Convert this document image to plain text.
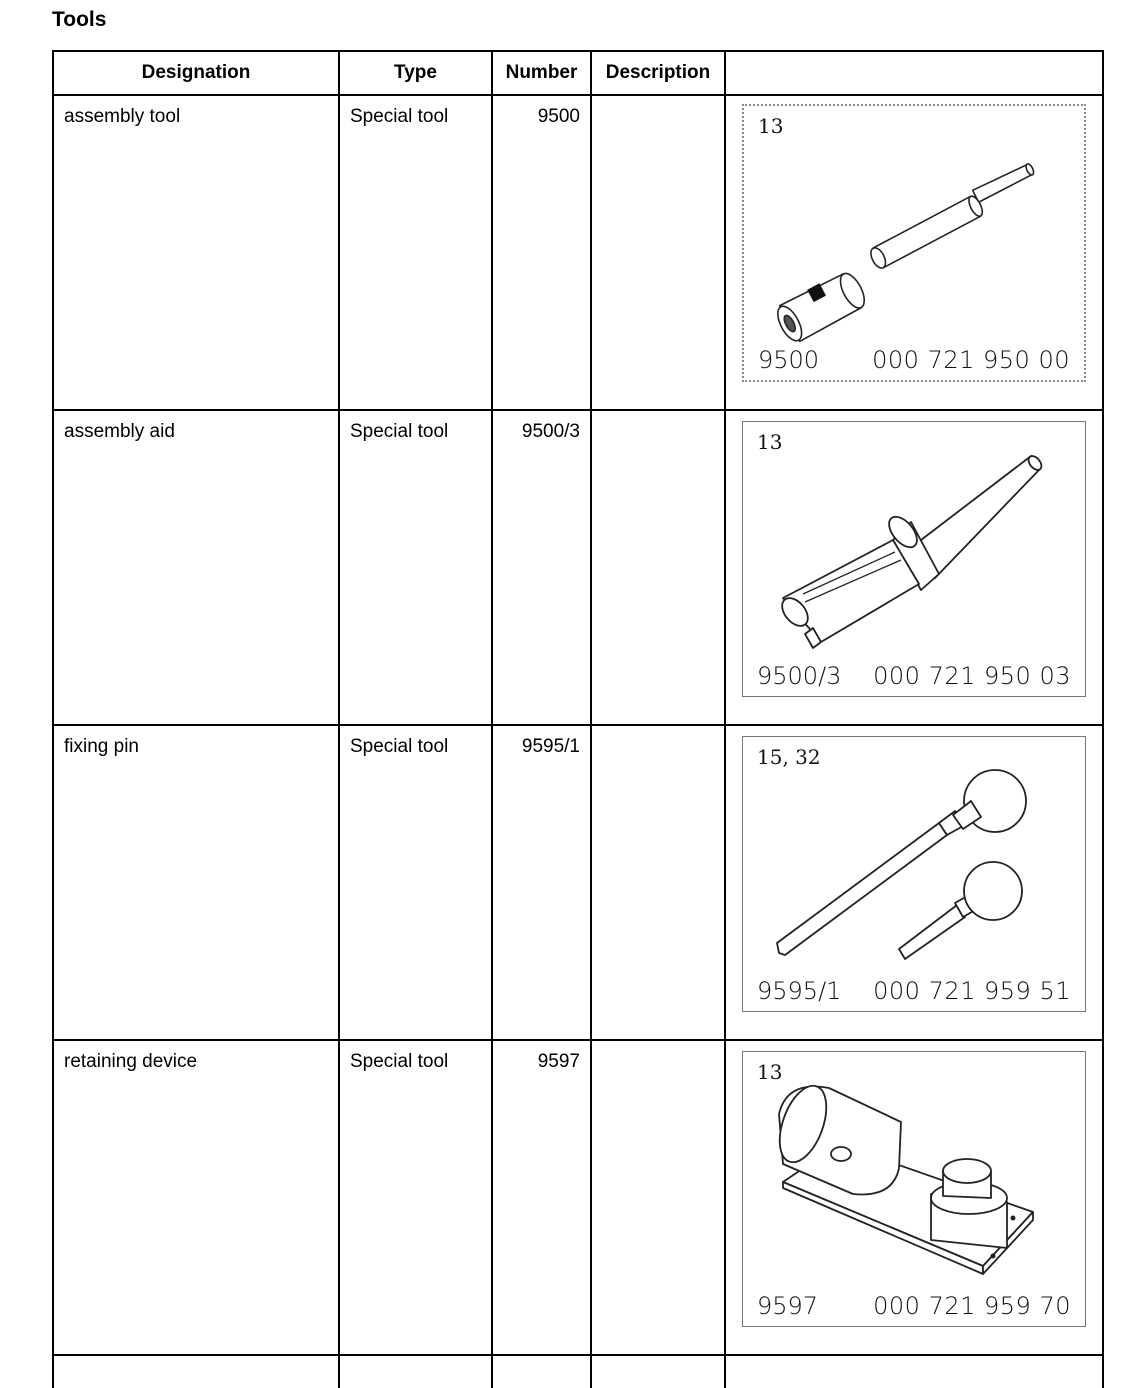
Tools
Designation	Type	Number	Description	
assembly tool	Special tool	9500		13
9500 000 721 950 00

assembly aid	Special tool	9500/3		13
9500/3 000 721 950 03

fixing pin	Special tool	9595/1		15, 32
9595/1 000 721 959 51

retaining device	Special tool	9597		13
9597 000 721 959 70
